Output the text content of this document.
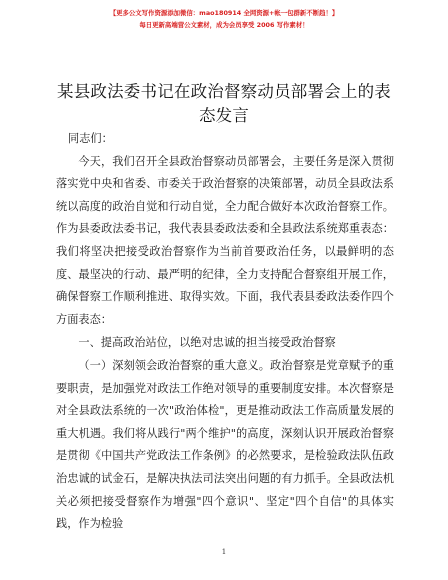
【更多公文写作资源添加微信：mao180914 全网资源+帐一包群新不断趋！】
每日更新高端营公文素材，成为会员享受 2006 写作素材！
某县政法委书记在政治督察动员部署会上的表态发言

同志们：

今天，我们召开全县政治督察动员部署会，主要任务是深入贯彻落实党中央和省委、市委关于政治督察的决策部署，动员全县政法系统以高度的政治自觉和行动自觉，全力配合做好本次政治督察工作。作为县委政法委书记，我代表县委政法委和全县政法系统郑重表态：我们将坚决把接受政治督察作为当前首要政治任务，以最鲜明的态度、最坚决的行动、最严明的纪律，全力支持配合督察组开展工作，确保督察工作顺利推进、取得实效。下面，我代表县委政法委作四个方面表态：

一、提高政治站位，以绝对忠诚的担当接受政治督察

（一）深刻领会政治督察的重大意义。政治督察是党章赋予的重要职责，是加强党对政法工作绝对领导的重要制度安排。本次督察是对全县政法系统的一次"政治体检"，更是推动政法工作高质量发展的重大机遇。我们将从践行"两个维护"的高度，深刻认识开展政治督察是贯彻《中国共产党政法工作条例》的必然要求，是检验政法队伍政治忠诚的试金石，是解决执法司法突出问题的有力抓手。全县政法机关必须把接受督察作为增强"四个意识"、坚定"四个自信"的具体实践，作为检验

1
